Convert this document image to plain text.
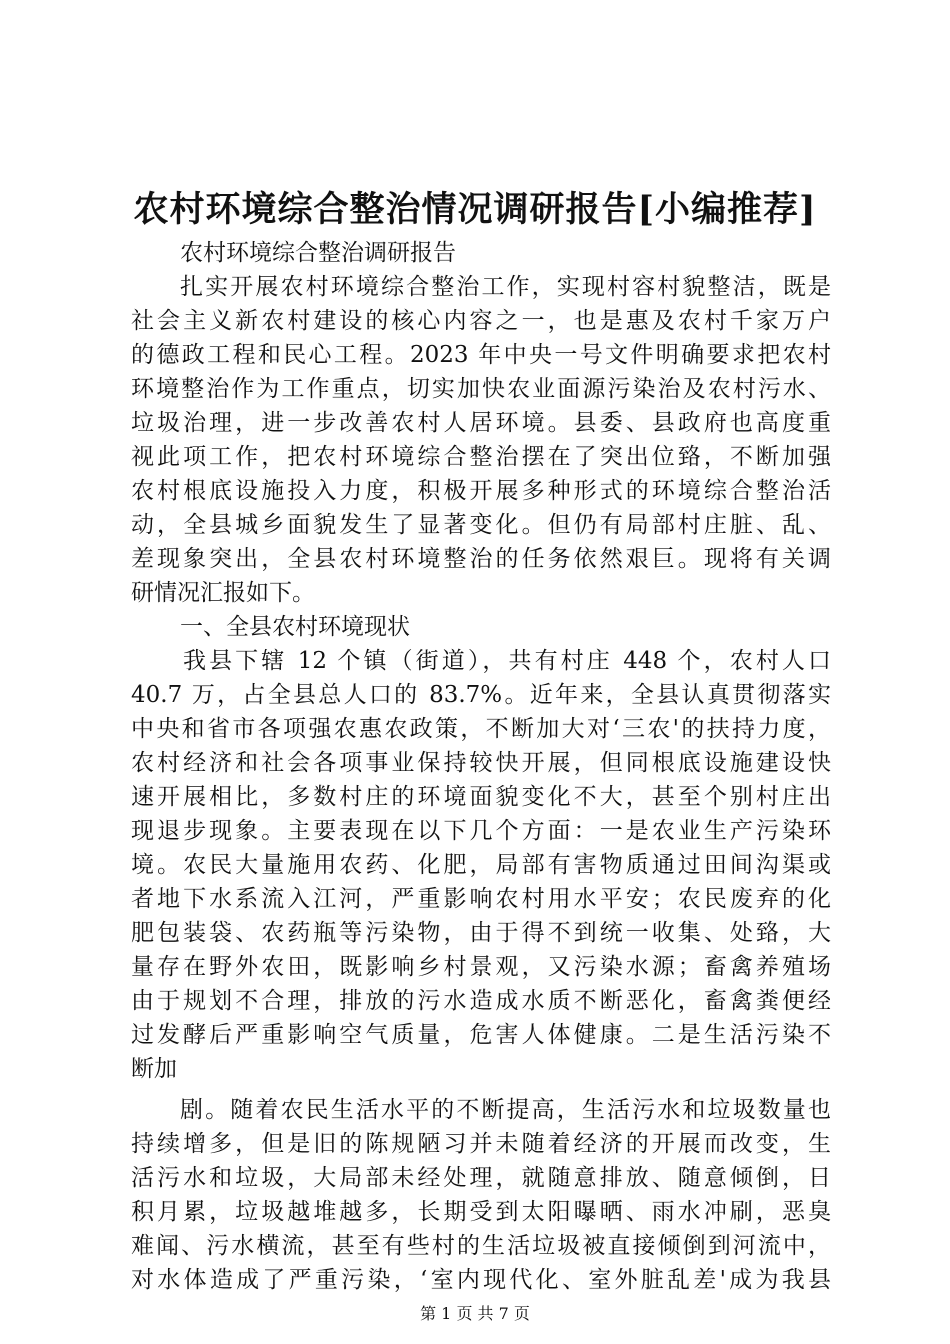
农村环境综合整治情况调研报告[小编推荐]
农村环境综合整治调研报告
扎实开展农村环境综合整治工作，实现村容村貌整洁，既是
社会主义新农村建设的核心内容之一，也是惠及农村千家万户
的德政工程和民心工程。2023 年中央一号文件明确要求把农村
环境整治作为工作重点，切实加快农业面源污染治及农村污水、
垃圾治理，进一步改善农村人居环境。县委、县政府也高度重
视此项工作，把农村环境综合整治摆在了突出位臵，不断加强
农村根底设施投入力度，积极开展多种形式的环境综合整治活
动，全县城乡面貌发生了显著变化。但仍有局部村庄脏、乱、
差现象突出，全县农村环境整治的任务依然艰巨。现将有关调
研情况汇报如下。
一、全县农村环境现状
我县下辖 12 个镇（街道），共有村庄 448 个，农村人口
40.7 万，占全县总人口的 83.7%。近年来，全县认真贯彻落实
中央和省市各项强农惠农政策，不断加大对‘三农'的扶持力度，
农村经济和社会各项事业保持较快开展，但同根底设施建设快
速开展相比，多数村庄的环境面貌变化不大，甚至个别村庄出
现退步现象。主要表现在以下几个方面：一是农业生产污染环
境。农民大量施用农药、化肥，局部有害物质通过田间沟渠或
者地下水系流入江河，严重影响农村用水平安；农民废弃的化
肥包装袋、农药瓶等污染物，由于得不到统一收集、处臵，大
量存在野外农田，既影响乡村景观，又污染水源；畜禽养殖场
由于规划不合理，排放的污水造成水质不断恶化，畜禽粪便经
过发酵后严重影响空气质量，危害人体健康。二是生活污染不
断加
剧。随着农民生活水平的不断提高，生活污水和垃圾数量也
持续增多，但是旧的陈规陋习并未随着经济的开展而改变，生
活污水和垃圾，大局部未经处理，就随意排放、随意倾倒，日
积月累，垃圾越堆越多，长期受到太阳曝晒、雨水冲刷，恶臭
难闻、污水横流，甚至有些村的生活垃圾被直接倾倒到河流中，
对水体造成了严重污染，‘室内现代化、室外脏乱差'成为我县
第 1 页 共 7 页
